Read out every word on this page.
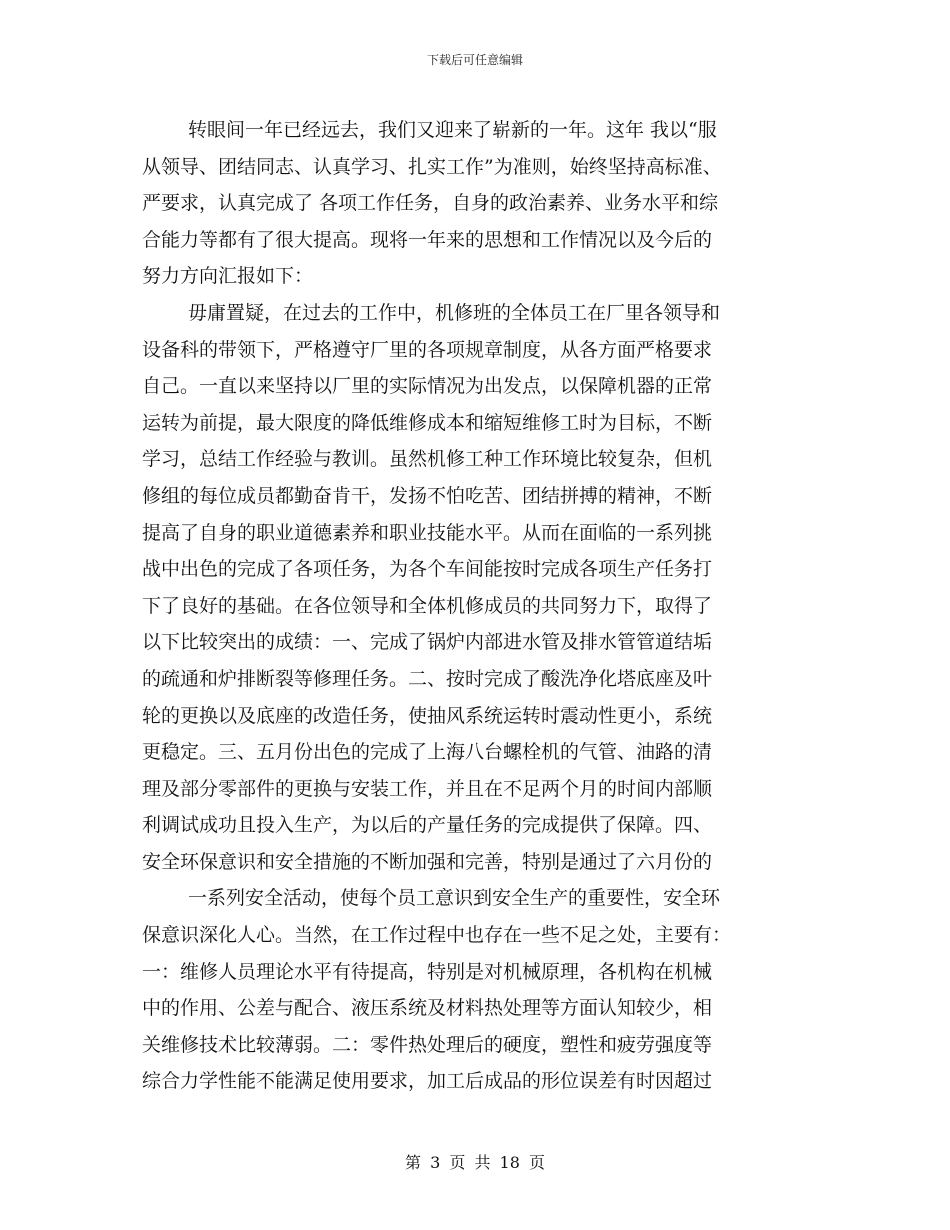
下载后可任意编辑
转眼间一年已经远去，我们又迎来了崭新的一年。这年 我以“服
从领导、团结同志、认真学习、扎实工作”为准则，始终坚持高标准、
严要求，认真完成了 各项工作任务，自身的政治素养、业务水平和综
合能力等都有了很大提高。现将一年来的思想和工作情况以及今后的
努力方向汇报如下：
毋庸置疑，在过去的工作中，机修班的全体员工在厂里各领导和
设备科的带领下，严格遵守厂里的各项规章制度，从各方面严格要求
自己。一直以来坚持以厂里的实际情况为出发点，以保障机器的正常
运转为前提，最大限度的降低维修成本和缩短维修工时为目标，不断
学习，总结工作经验与教训。虽然机修工种工作环境比较复杂，但机
修组的每位成员都勤奋肯干，发扬不怕吃苦、团结拼搏的精神，不断
提高了自身的职业道德素养和职业技能水平。从而在面临的一系列挑
战中出色的完成了各项任务，为各个车间能按时完成各项生产任务打
下了良好的基础。在各位领导和全体机修成员的共同努力下，取得了
以下比较突出的成绩：一、完成了锅炉内部进水管及排水管管道结垢
的疏通和炉排断裂等修理任务。二、按时完成了酸洗净化塔底座及叶
轮的更换以及底座的改造任务，使抽风系统运转时震动性更小，系统
更稳定。三、五月份出色的完成了上海八台螺栓机的气管、油路的清
理及部分零部件的更换与安装工作，并且在不足两个月的时间内部顺
利调试成功且投入生产，为以后的产量任务的完成提供了保障。四、
安全环保意识和安全措施的不断加强和完善，特别是通过了六月份的
一系列安全活动，使每个员工意识到安全生产的重要性，安全环
保意识深化人心。当然，在工作过程中也存在一些不足之处，主要有：
一：维修人员理论水平有待提高，特别是对机械原理，各机构在机械
中的作用、公差与配合、液压系统及材料热处理等方面认知较少，相
关维修技术比较薄弱。二：零件热处理后的硬度，塑性和疲劳强度等
综合力学性能不能满足使用要求，加工后成品的形位误差有时因超过
第 3 页 共 18 页
